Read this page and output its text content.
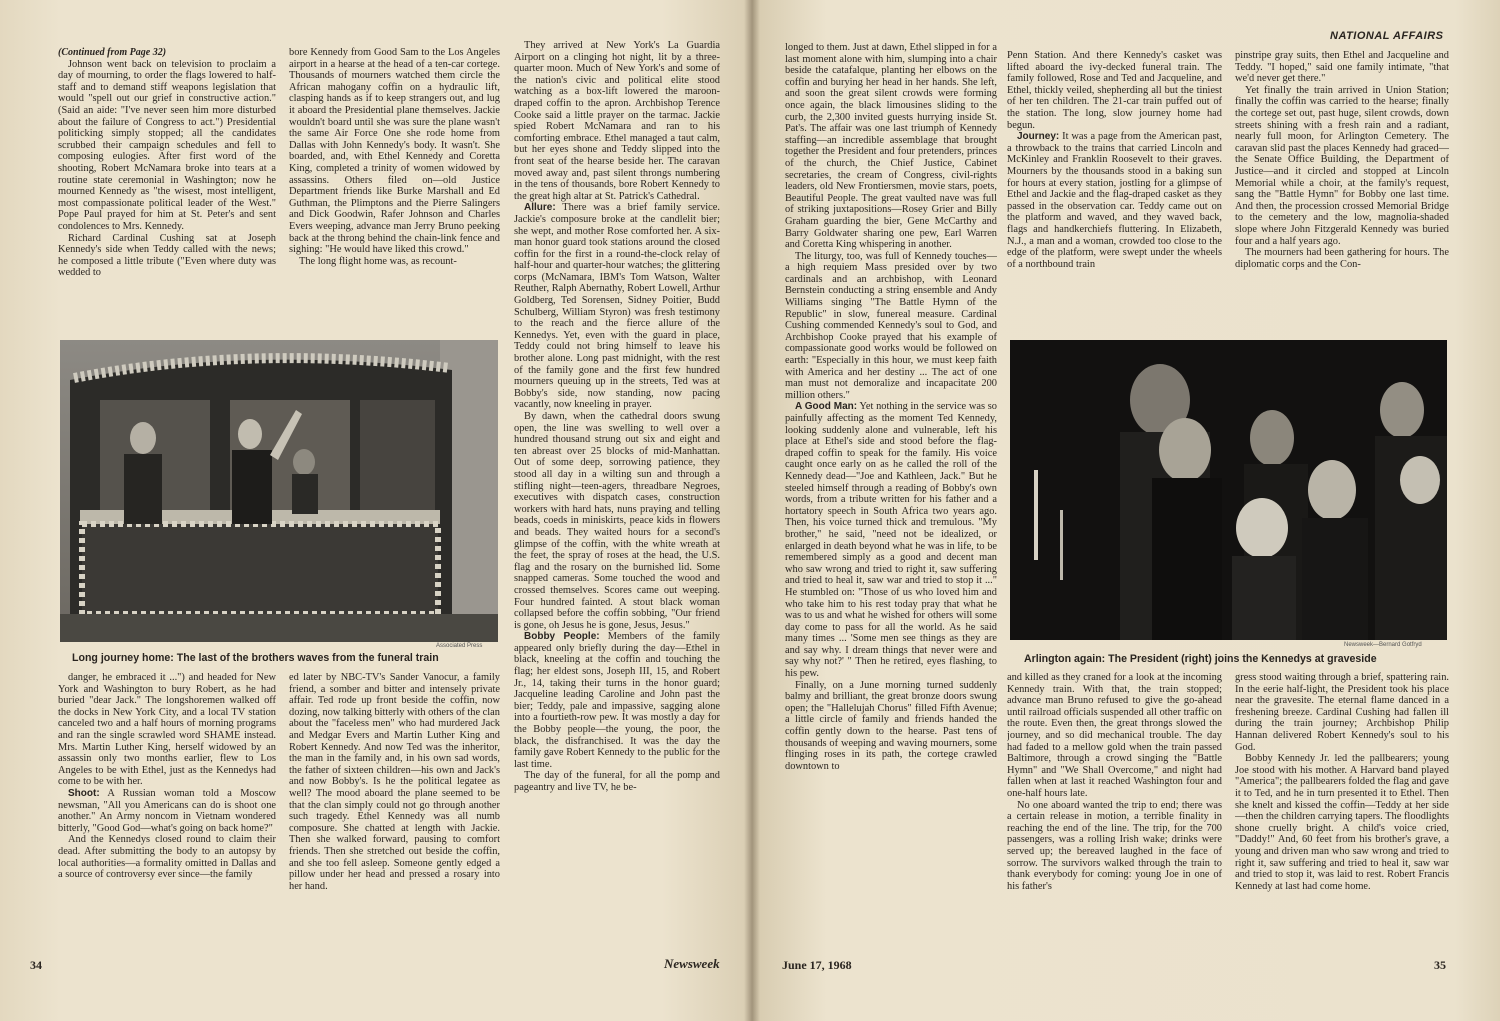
(Continued from Page 32)

Johnson went back on television to proclaim a day of mourning, to order the flags lowered to half-staff and to demand stiff weapons legislation that would "spell out our grief in constructive action." (Said an aide: "I've never seen him more disturbed about the failure of Congress to act.") Presidential politicking simply stopped; all the candidates scrubbed their campaign schedules and fell to composing eulogies. After first word of the shooting, Robert McNamara broke into tears at a routine state ceremonial in Washington; now he mourned Kennedy as "the wisest, most intelligent, most compassionate political leader of the West." Pope Paul prayed for him at St. Peter's and sent condolences to Mrs. Kennedy.

Richard Cardinal Cushing sat at Joseph Kennedy's side when Teddy called with the news; he composed a little tribute ("Even where duty was wedded to

bore Kennedy from Good Sam to the Los Angeles airport in a hearse at the head of a ten-car cortege. Thousands of mourners watched them circle the African mahogany coffin on a hydraulic lift, clasping hands as if to keep strangers out, and lug it aboard the Presidential plane themselves. Jackie wouldn't board until she was sure the plane wasn't the same Air Force One she rode home from Dallas with John Kennedy's body. It wasn't. She boarded, and, with Ethel Kennedy and Coretta King, completed a trinity of women widowed by assassins. Others filed on—old Justice Department friends like Burke Marshall and Ed Guthman, the Plimptons and the Pierre Salingers and Dick Goodwin, Rafer Johnson and Charles Evers weeping, advance man Jerry Bruno peeking back at the throng behind the chain-link fence and sighing: "He would have liked this crowd."

The long flight home was, as recount-

They arrived at New York's La Guardia Airport on a clinging hot night, lit by a three-quarter moon. Much of New York's and some of the nation's civic and political elite stood watching as a box-lift lowered the maroon-draped coffin to the apron. Archbishop Terence Cooke said a little prayer on the tarmac. Jackie spied Robert McNamara and ran to his comforting embrace. Ethel managed a taut calm, but her eyes shone and Teddy slipped into the front seat of the hearse beside her. The caravan moved away and, past silent throngs numbering in the tens of thousands, bore Robert Kennedy to the great high altar at St. Patrick's Cathedral.

Allure: There was a brief family service. Jackie's composure broke at the candlelit bier; she wept, and mother Rose comforted her. A six-man honor guard took stations around the closed coffin for the first in a round-the-clock relay of half-hour and quarter-hour watches; the glittering corps (McNamara, IBM's Tom Watson, Walter Reuther, Ralph Abernathy, Robert Lowell, Arthur Goldberg, Ted Sorensen, Sidney Poitier, Budd Schulberg, William Styron) was fresh testimony to the reach and the fierce allure of the Kennedys. Yet, even with the guard in place, Teddy could not bring himself to leave his brother alone. Long past midnight, with the rest of the family gone and the first few hundred mourners queuing up in the streets, Ted was at Bobby's side, now standing, now pacing vacantly, now kneeling in prayer.

By dawn, when the cathedral doors swung open, the line was swelling to well over a hundred thousand strung out six and eight and ten abreast over 25 blocks of mid-Manhattan. Out of some deep, sorrowing patience, they stood all day in a wilting sun and through a stifling night—teen-agers, threadbare Negroes, executives with dispatch cases, construction workers with hard hats, nuns praying and telling beads, coeds in miniskirts, peace kids in flowers and beads. They waited hours for a second's glimpse of the coffin, with the white wreath at the feet, the spray of roses at the head, the U.S. flag and the rosary on the burnished lid. Some snapped cameras. Some touched the wood and crossed themselves. Scores came out weeping. Four hundred fainted. A stout black woman collapsed before the coffin sobbing, "Our friend is gone, oh Jesus he is gone, Jesus, Jesus."

Bobby People: Members of the family appeared only briefly during the day—Ethel in black, kneeling at the coffin and touching the flag; her eldest sons, Joseph III, 15, and Robert Jr., 14, taking their turns in the honor guard; Jacqueline leading Caroline and John past the bier; Teddy, pale and impassive, sagging alone into a fourtieth-row pew. It was mostly a day for the Bobby people—the young, the poor, the black, the disfranchised. It was the day the family gave Robert Kennedy to the public for the last time.

The day of the funeral, for all the pomp and pageantry and live TV, he be-

Associated Press
Long journey home: The last of the brothers waves from the funeral train

danger, he embraced it ...") and headed for New York and Washington to bury Robert, as he had buried "dear Jack." The longshoremen walked off the docks in New York City, and a local TV station canceled two and a half hours of morning programs and ran the single scrawled word SHAME instead. Mrs. Martin Luther King, herself widowed by an assassin only two months earlier, flew to Los Angeles to be with Ethel, just as the Kennedys had come to be with her.

Shoot: A Russian woman told a Moscow newsman, "All you Americans can do is shoot one another." An Army noncom in Vietnam wondered bitterly, "Good God—what's going on back home?"

And the Kennedys closed round to claim their dead. After submitting the body to an autopsy by local authorities—a formality omitted in Dallas and a source of controversy ever since—the family

ed later by NBC-TV's Sander Vanocur, a family friend, a somber and bitter and intensely private affair. Ted rode up front beside the coffin, now dozing, now talking bitterly with others of the clan about the "faceless men" who had murdered Jack and Medgar Evers and Martin Luther King and Robert Kennedy. And now Ted was the inheritor, the man in the family and, in his own sad words, the father of sixteen children—his own and Jack's and now Bobby's. Is he the political legatee as well? The mood aboard the plane seemed to be that the clan simply could not go through another such tragedy. Ethel Kennedy was all numb composure. She chatted at length with Jackie. Then she walked forward, pausing to comfort friends. Then she stretched out beside the coffin, and she too fell asleep. Someone gently edged a pillow under her head and pressed a rosary into her hand.

34	Newsweek
NATIONAL AFFAIRS

longed to them. Just at dawn, Ethel slipped in for a last moment alone with him, slumping into a chair beside the catafalque, planting her elbows on the coffin and burying her head in her hands. She left, and soon the great silent crowds were forming once again, the black limousines sliding to the curb, the 2,300 invited guests hurrying inside St. Pat's. The affair was one last triumph of Kennedy staffing—an incredible assemblage that brought together the President and four pretenders, princes of the church, the Chief Justice, Cabinet secretaries, the cream of Congress, civil-rights leaders, old New Frontiersmen, movie stars, poets, Beautiful People. The great vaulted nave was full of striking juxtapositions—Rosey Grier and Billy Graham guarding the bier, Gene McCarthy and Barry Goldwater sharing one pew, Earl Warren and Coretta King whispering in another.

The liturgy, too, was full of Kennedy touches—a high requiem Mass presided over by two cardinals and an archbishop, with Leonard Bernstein conducting a string ensemble and Andy Williams singing "The Battle Hymn of the Republic" in slow, funereal measure. Cardinal Cushing commended Kennedy's soul to God, and Archbishop Cooke prayed that his example of compassionate good works would be followed on earth: "Especially in this hour, we must keep faith with America and her destiny ... The act of one man must not demoralize and incapacitate 200 million others."

A Good Man: Yet nothing in the service was so painfully affecting as the moment Ted Kennedy, looking suddenly alone and vulnerable, left his place at Ethel's side and stood before the flag-draped coffin to speak for the family. His voice caught once early on as he called the roll of the Kennedy dead—"Joe and Kathleen, Jack." But he steeled himself through a reading of Bobby's own words, from a tribute written for his father and a hortatory speech in South Africa two years ago. Then, his voice turned thick and tremulous. "My brother," he said, "need not be idealized, or enlarged in death beyond what he was in life, to be remembered simply as a good and decent man who saw wrong and tried to right it, saw suffering and tried to heal it, saw war and tried to stop it ..." He stumbled on: "Those of us who loved him and who take him to his rest today pray that what he was to us and what he wished for others will some day come to pass for all the world. As he said many times ... 'Some men see things as they are and say why. I dream things that never were and say why not?' " Then he retired, eyes flashing, to his pew.

Finally, on a June morning turned suddenly balmy and brilliant, the great bronze doors swung open; the "Hallelujah Chorus" filled Fifth Avenue; a little circle of family and friends handed the coffin gently down to the hearse. Past tens of thousands of weeping and waving mourners, some flinging roses in its path, the cortege crawled downtown to

Penn Station. And there Kennedy's casket was lifted aboard the ivy-decked funeral train. The family followed, Rose and Ted and Jacqueline, and Ethel, thickly veiled, shepherding all but the tiniest of her ten children. The 21-car train puffed out of the station. The long, slow journey home had begun.

Journey: It was a page from the American past, a throwback to the trains that carried Lincoln and McKinley and Franklin Roosevelt to their graves. Mourners by the thousands stood in a baking sun for hours at every station, jostling for a glimpse of Ethel and Jackie and the flag-draped casket as they passed in the observation car. Teddy came out on the platform and waved, and they waved back, flags and handkerchiefs fluttering. In Elizabeth, N.J., a man and a woman, crowded too close to the edge of the platform, were swept under the wheels of a northbound train

pinstripe gray suits, then Ethel and Jacqueline and Teddy. "I hoped," said one family intimate, "that we'd never get there."

Yet finally the train arrived in Union Station; finally the coffin was carried to the hearse; finally the cortege set out, past huge, silent crowds, down streets shining with a fresh rain and a radiant, nearly full moon, for Arlington Cemetery. The caravan slid past the places Kennedy had graced—the Senate Office Building, the Department of Justice—and it circled and stopped at Lincoln Memorial while a choir, at the family's request, sang the "Battle Hymn" for Bobby one last time. And then, the procession crossed Memorial Bridge to the cemetery and the low, magnolia-shaded slope where John Fitzgerald Kennedy was buried four and a half years ago.

The mourners had been gathering for hours. The diplomatic corps and the Con-

Newsweek—Bernard Gotfryd
Arlington again: The President (right) joins the Kennedys at graveside

and killed as they craned for a look at the incoming Kennedy train. With that, the train stopped; advance man Bruno refused to give the go-ahead until railroad officials suspended all other traffic on the route. Even then, the great throngs slowed the journey, and so did mechanical trouble. The day had faded to a mellow gold when the train passed Baltimore, through a crowd singing the "Battle Hymn" and "We Shall Overcome," and night had fallen when at last it reached Washington four and one-half hours late.

No one aboard wanted the trip to end; there was a certain release in motion, a terrible finality in reaching the end of the line. The trip, for the 700 passengers, was a rolling Irish wake; drinks were served up; the bereaved laughed in the face of sorrow. The survivors walked through the train to thank everybody for coming: young Joe in one of his father's

gress stood waiting through a brief, spattering rain. In the eerie half-light, the President took his place near the gravesite. The eternal flame danced in a freshening breeze. Cardinal Cushing had fallen ill during the train journey; Archbishop Philip Hannan delivered Robert Kennedy's soul to his God.

Bobby Kennedy Jr. led the pallbearers; young Joe stood with his mother. A Harvard band played "America"; the pallbearers folded the flag and gave it to Ted, and he in turn presented it to Ethel. Then she knelt and kissed the coffin—Teddy at her side—then the children carrying tapers. The floodlights shone cruelly bright. A child's voice cried, "Daddy!" And, 60 feet from his brother's grave, a young and driven man who saw wrong and tried to right it, saw suffering and tried to heal it, saw war and tried to stop it, was laid to rest. Robert Francis Kennedy at last had come home.

June 17, 1968	35
